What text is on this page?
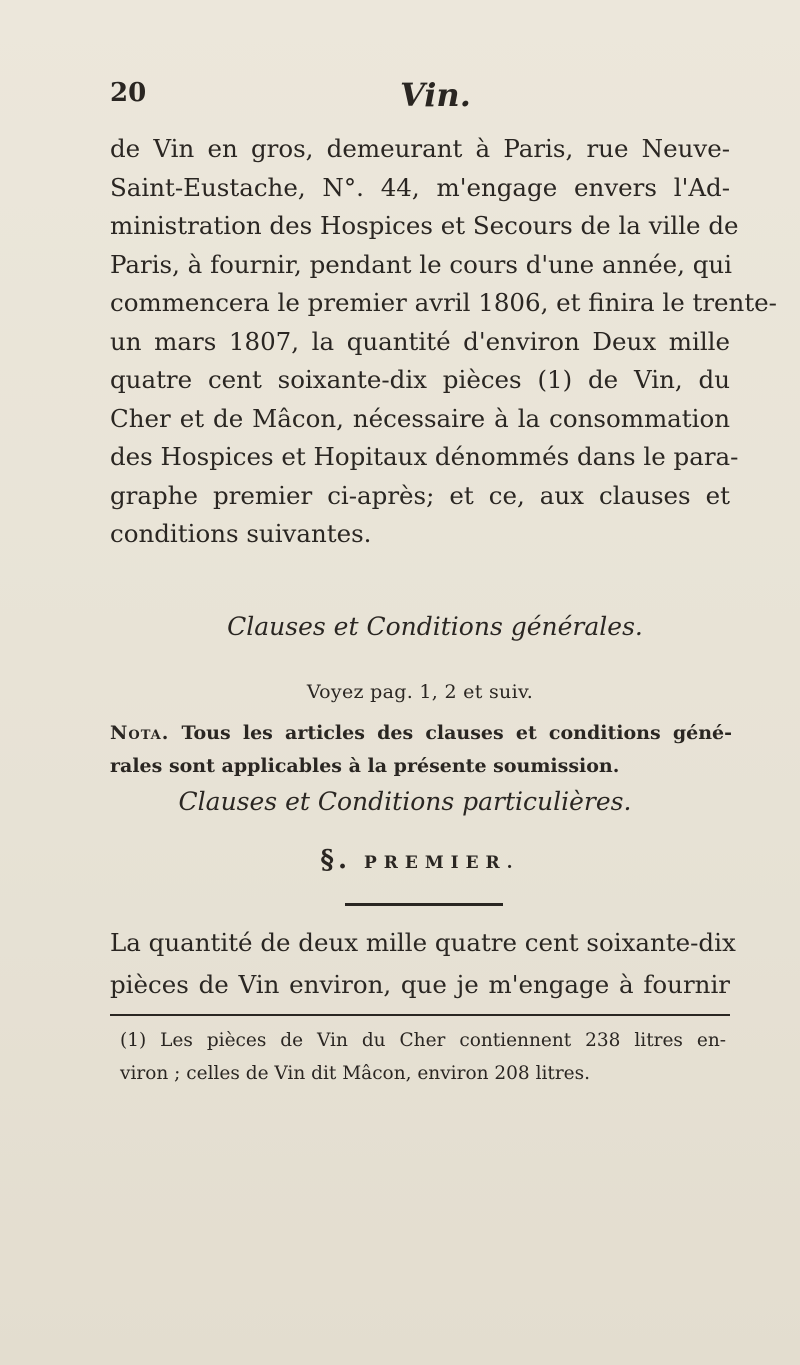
20	Vin.
de Vin en gros, demeurant à Paris, rue Neuve-
Saint-Eustache, N°. 44, m'engage envers l'Ad-
ministration des Hospices et Secours de la ville de
Paris, à fournir, pendant le cours d'une année, qui
commencera le premier avril 1806, et finira le trente-
un mars 1807, la quantité d'environ Deux mille
quatre cent soixante-dix pièces (1) de Vin, du
Cher et de Mâcon, nécessaire à la consommation
des Hospices et Hopitaux dénommés dans le para-
graphe premier ci-après; et ce, aux clauses et
conditions suivantes.
Clauses et Conditions générales.
Voyez pag. 1, 2 et suiv.
Nota. Tous les articles des clauses et conditions géné-
rales sont applicables à la présente soumission.
Clauses et Conditions particulières.
§. PREMIER.
La quantité de deux mille quatre cent soixante-dix
pièces de Vin environ, que je m'engage à fournir
(1) Les pièces de Vin du Cher contiennent 238 litres en-
viron ; celles de Vin dit Mâcon, environ 208 litres.
